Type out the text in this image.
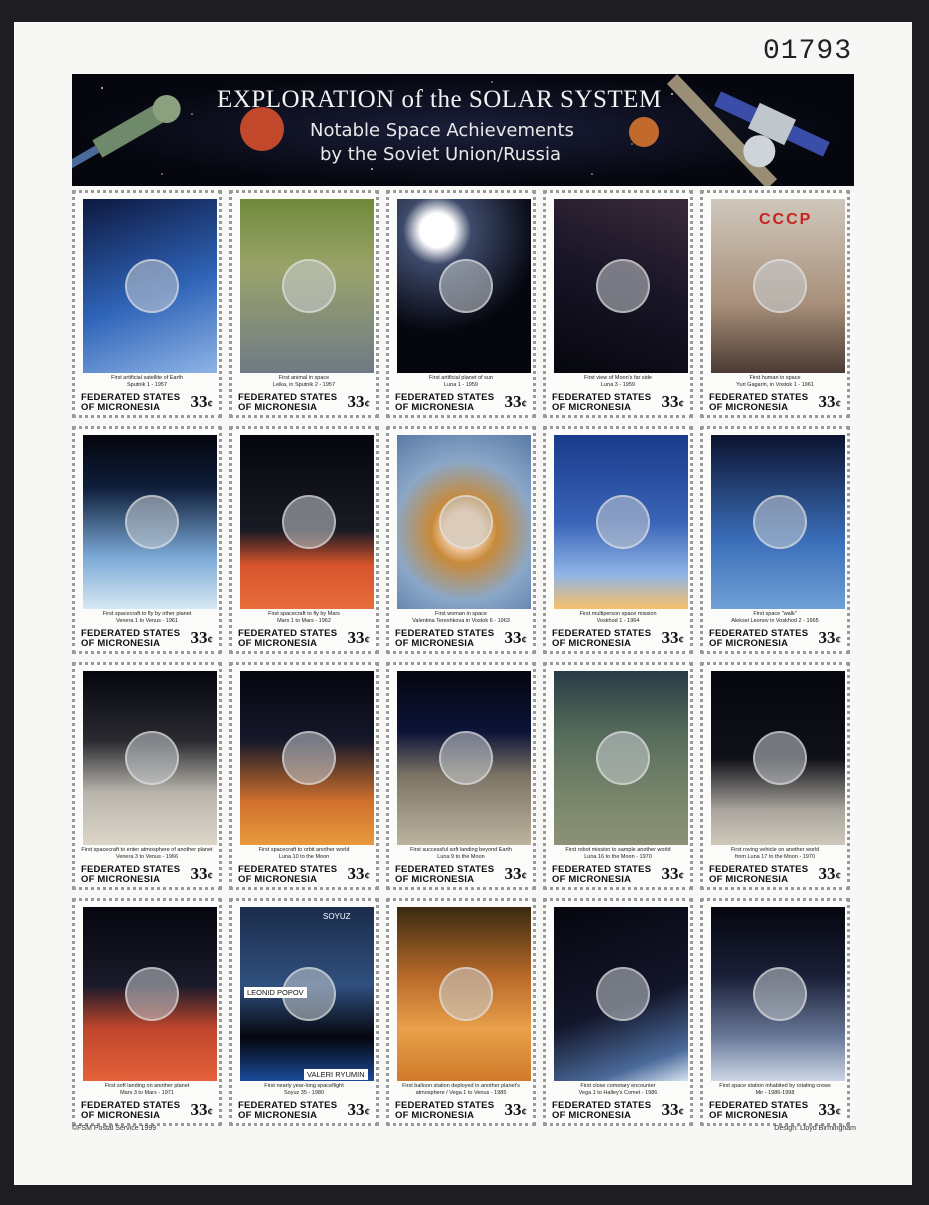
01793
EXPLORATION of the SOLAR SYSTEM
Notable Space Achievements
by the Soviet Union/Russia
First artificial satellite of Earth
Sputnik 1 - 1957
FEDERATED STATES
OF MICRONESIA	33¢
First animal in space
Leika, in Sputnik 2 - 1957
FEDERATED STATES
OF MICRONESIA	33¢
First artificial planet of sun
Luna 1 - 1959
FEDERATED STATES
OF MICRONESIA	33¢
First view of Moon's far side
Luna 3 - 1959
FEDERATED STATES
OF MICRONESIA	33¢
CCCP
First human in space
Yuri Gagarin, in Vostok 1 - 1961
FEDERATED STATES
OF MICRONESIA	33¢
First spacecraft to fly by other planet
Venera 1 to Venus - 1961
FEDERATED STATES
OF MICRONESIA	33¢
First spacecraft to fly by Mars
Mars 1 to Mars - 1962
FEDERATED STATES
OF MICRONESIA	33¢
First woman in space
Valentina Tereshkova in Vostok 6 - 1963
FEDERATED STATES
OF MICRONESIA	33¢
First multiperson space mission
Voskhod 1 - 1964
FEDERATED STATES
OF MICRONESIA	33¢
First space "walk"
Aleksei Leonov in Voskhod 2 - 1965
FEDERATED STATES
OF MICRONESIA	33¢
First spacecraft to enter atmosphere of another planet
Venera 3 to Venus - 1966
FEDERATED STATES
OF MICRONESIA	33¢
First spacecraft to orbit another world
Luna 10 to the Moon
FEDERATED STATES
OF MICRONESIA	33¢
First successful soft landing beyond Earth
Luna 9 to the Moon
FEDERATED STATES
OF MICRONESIA	33¢
First robot mission to sample another world
Luna 16 to the Moon - 1970
FEDERATED STATES
OF MICRONESIA	33¢
First roving vehicle on another world
from Luna 17 to the Moon - 1970
FEDERATED STATES
OF MICRONESIA	33¢
First soft landing on another planet
Mars 3 to Mars - 1971
FEDERATED STATES
OF MICRONESIA	33¢
SOYUZ
LEONID POPOV
VALERI RYUMIN
First nearly year-long spaceflight
Soyuz 35 - 1980
FEDERATED STATES
OF MICRONESIA	33¢
First balloon station deployed in another planet's
atmosphere / Vega 1 to Venus - 1985
FEDERATED STATES
OF MICRONESIA	33¢
First close cometary encounter
Vega 1 to Halley's Comet - 1986
FEDERATED STATES
OF MICRONESIA	33¢
First space station inhabited by rotating crews
Mir - 1986-1998
FEDERATED STATES
OF MICRONESIA	33¢
©FSM Postal Service 1999	Design: Lloyd Birmingham
